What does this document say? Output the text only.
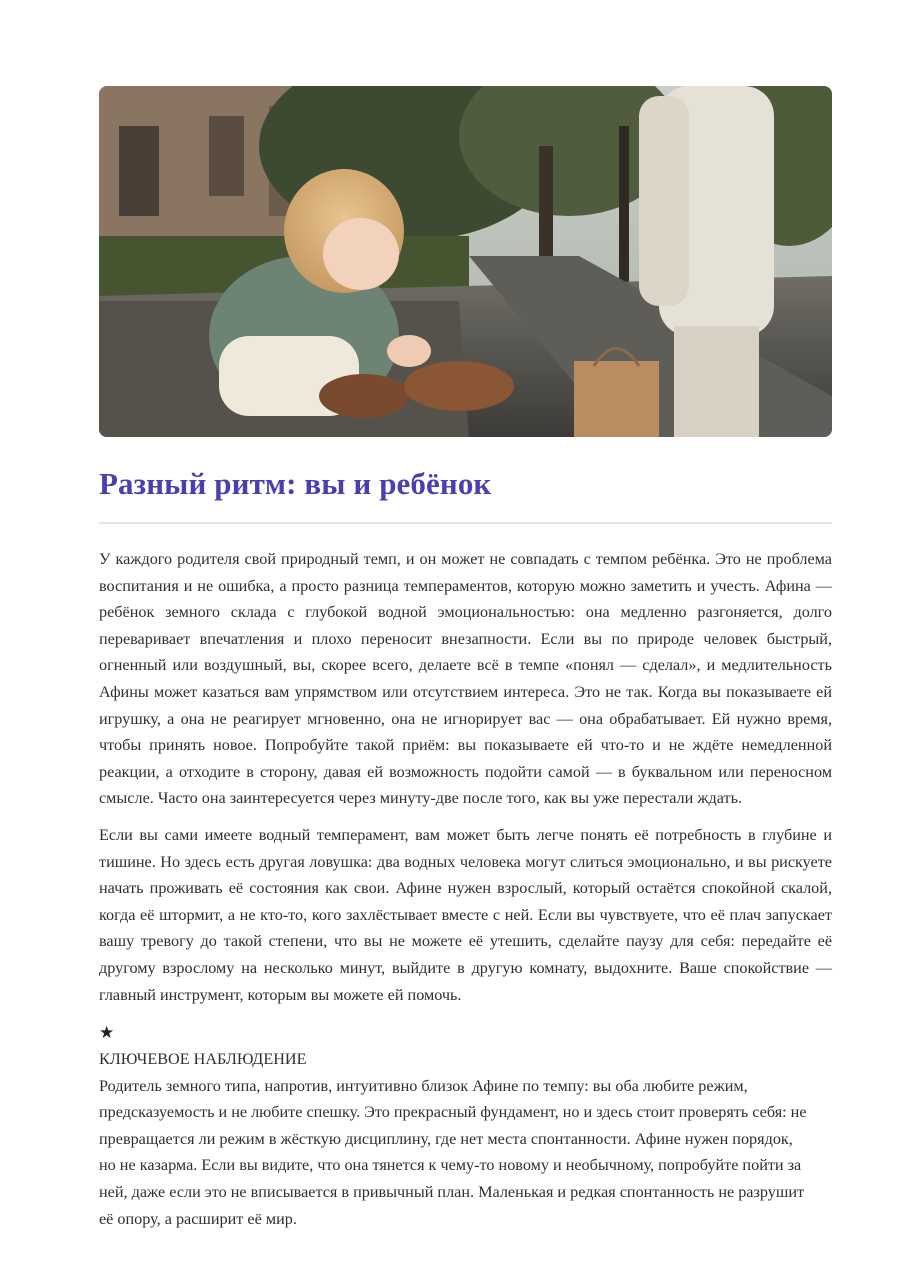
Разный ритм: вы и ребёнок

У каждого родителя свой природный темп, и он может не совпадать с темпом ребёнка. Это не проблема воспитания и не ошибка, а просто разница темпераментов, которую можно заметить и учесть. Афина — ребёнок земного склада с глубокой водной эмоциональностью: она медленно разгоняется, долго переваривает впечатления и плохо переносит внезапности. Если вы по природе человек быстрый, огненный или воздушный, вы, скорее всего, делаете всё в темпе «понял — сделал», и медлительность Афины может казаться вам упрямством или отсутствием интереса. Это не так. Когда вы показываете ей игрушку, а она не реагирует мгновенно, она не игнорирует вас — она обрабатывает. Ей нужно время, чтобы принять новое. Попробуйте такой приём: вы показываете ей что-то и не ждёте немедленной реакции, а отходите в сторону, давая ей возможность подойти самой — в буквальном или переносном смысле. Часто она заинтересуется через минуту-две после того, как вы уже перестали ждать.

Если вы сами имеете водный темперамент, вам может быть легче понять её потребность в глубине и тишине. Но здесь есть другая ловушка: два водных человека могут слиться эмоционально, и вы рискуете начать проживать её состояния как свои. Афине нужен взрослый, который остаётся спокойной скалой, когда её штормит, а не кто-то, кого захлёстывает вместе с ней. Если вы чувствуете, что её плач запускает вашу тревогу до такой степени, что вы не можете её утешить, сделайте паузу для себя: передайте её другому взрослому на несколько минут, выйдите в другую комнату, выдохните. Ваше спокойствие — главный инструмент, которым вы можете ей помочь.

★
КЛЮЧЕВОЕ НАБЛЮДЕНИЕ
Родитель земного типа, напротив, интуитивно близок Афине по темпу: вы оба любите режим,
предсказуемость и не любите спешку. Это прекрасный фундамент, но и здесь стоит проверять себя: не
превращается ли режим в жёсткую дисциплину, где нет места спонтанности. Афине нужен порядок,
но не казарма. Если вы видите, что она тянется к чему-то новому и необычному, попробуйте пойти за
ней, даже если это не вписывается в привычный план. Маленькая и редкая спонтанность не разрушит
её опору, а расширит её мир.
